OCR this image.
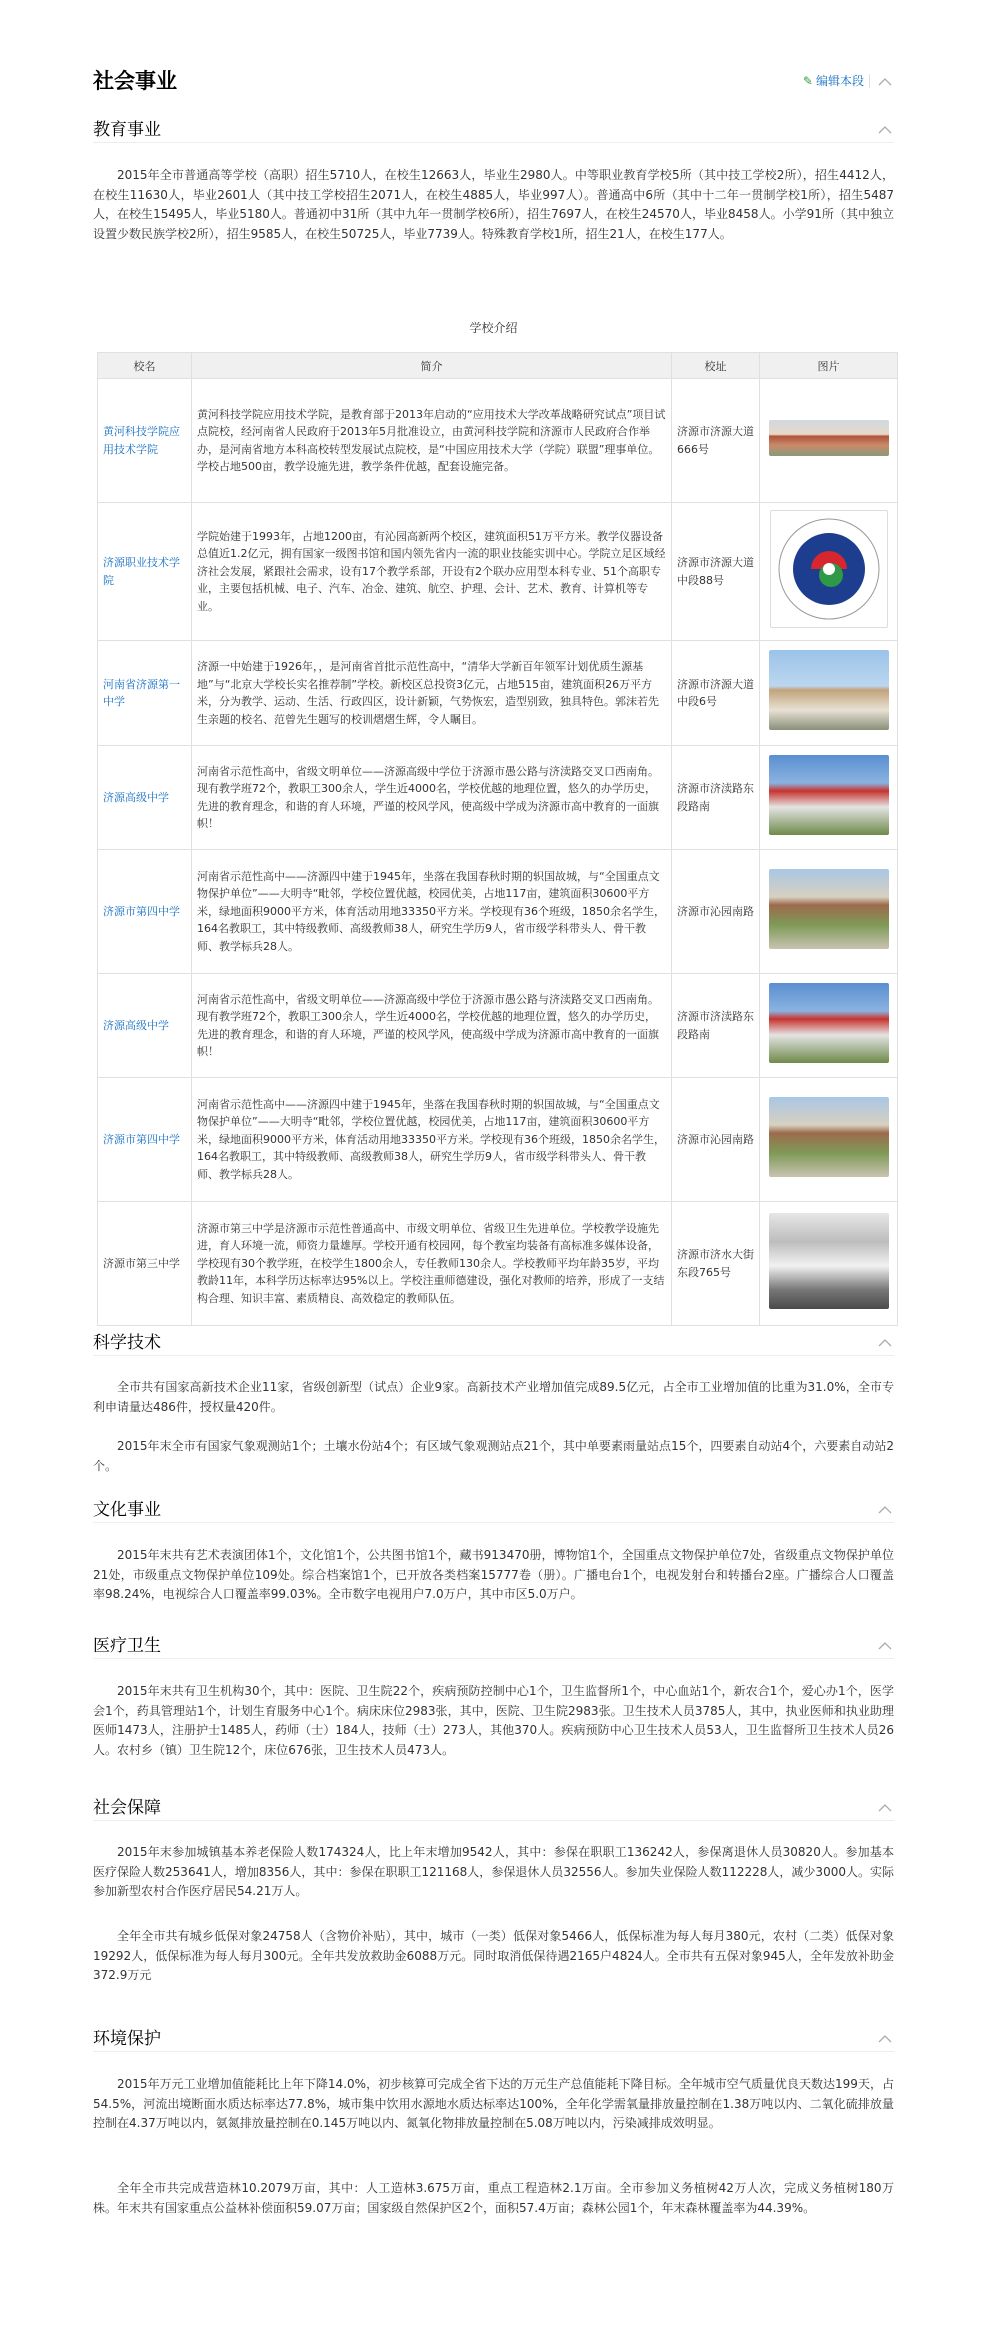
社会事业	✎ 编辑本段
教育事业
2015年全市普通高等学校（高职）招生5710人，在校生12663人，毕业生2980人。中等职业教育学校5所（其中技工学校2所），招生4412人，在校生11630人，毕业2601人（其中技工学校招生2071人，在校生4885人，毕业997人）。普通高中6所（其中十二年一贯制学校1所），招生5487人，在校生15495人，毕业5180人。普通初中31所（其中九年一贯制学校6所），招生7697人，在校生24570人，毕业8458人。小学91所（其中独立设置少数民族学校2所），招生9585人，在校生50725人，毕业7739人。特殊教育学校1所，招生21人，在校生177人。
学校介绍
校名	简介	校址	图片
黄河科技学院应用技术学院	黄河科技学院应用技术学院，是教育部于2013年启动的“应用技术大学改革战略研究试点”项目试点院校，经河南省人民政府于2013年5月批准设立，由黄河科技学院和济源市人民政府合作举办，是河南省地方本科高校转型发展试点院校，是“中国应用技术大学（学院）联盟”理事单位。学校占地500亩，教学设施先进，教学条件优越，配套设施完备。	济源市济源大道666号	
济源职业技术学院	学院始建于1993年，占地1200亩，有沁园高新两个校区，建筑面积51万平方米。教学仪器设备总值近1.2亿元，拥有国家一级图书馆和国内领先省内一流的职业技能实训中心。学院立足区域经济社会发展，紧跟社会需求，设有17个教学系部，开设有2个联办应用型本科专业、51个高职专业，主要包括机械、电子、汽车、冶金、建筑、航空、护理、会计、艺术、教育、计算机等专业。	济源市济源大道中段88号	

河南省济源第一中学	济源一中始建于1926年，，是河南省首批示范性高中，“清华大学新百年领军计划优质生源基地”与“北京大学校长实名推荐制”学校。新校区总投资3亿元，占地515亩，建筑面积26万平方米，分为教学、运动、生活、行政四区，设计新颖，气势恢宏，造型别致，独具特色。郭沫若先生亲题的校名、范曾先生题写的校训熠熠生辉，令人瞩目。	济源市济源大道中段6号	
济源高级中学	河南省示范性高中，省级文明单位——济源高级中学位于济源市愚公路与济渎路交叉口西南角。现有教学班72个，教职工300余人，学生近4000名，学校优越的地理位置，悠久的办学历史，先进的教育理念，和谐的育人环境，严谨的校风学风，使高级中学成为济源市高中教育的一面旗帜！	济源市济渎路东段路南	
济源市第四中学	河南省示范性高中——济源四中建于1945年，坐落在我国春秋时期的轵国故城，与“全国重点文物保护单位”——大明寺“毗邻，学校位置优越，校园优美，占地117亩，建筑面积30600平方米，绿地面积9000平方米，体育活动用地33350平方米。学校现有36个班级，1850余名学生，164名教职工，其中特级教师、高级教师38人，研究生学历9人，省市级学科带头人、骨干教师、教学标兵28人。	济源市沁园南路	
济源高级中学	河南省示范性高中，省级文明单位——济源高级中学位于济源市愚公路与济渎路交叉口西南角。现有教学班72个，教职工300余人，学生近4000名，学校优越的地理位置，悠久的办学历史，先进的教育理念，和谐的育人环境，严谨的校风学风，使高级中学成为济源市高中教育的一面旗帜！	济源市济渎路东段路南	
济源市第四中学	河南省示范性高中——济源四中建于1945年，坐落在我国春秋时期的轵国故城，与“全国重点文物保护单位”——大明寺“毗邻，学校位置优越，校园优美，占地117亩，建筑面积30600平方米，绿地面积9000平方米，体育活动用地33350平方米。学校现有36个班级，1850余名学生，164名教职工，其中特级教师、高级教师38人，研究生学历9人，省市级学科带头人、骨干教师、教学标兵28人。	济源市沁园南路	
济源市第三中学	济源市第三中学是济源市示范性普通高中、市级文明单位、省级卫生先进单位。学校教学设施先进，育人环境一流，师资力量雄厚。学校开通有校园网，每个教室均装备有高标准多媒体设备，学校现有30个教学班，在校学生1800余人，专任教师130余人。学校教师平均年龄35岁，平均教龄11年，本科学历达标率达95%以上。学校注重师德建设，强化对教师的培养，形成了一支结构合理、知识丰富、素质精良、高效稳定的教师队伍。	济源市济水大街东段765号	
科学技术
全市共有国家高新技术企业11家，省级创新型（试点）企业9家。高新技术产业增加值完成89.5亿元，占全市工业增加值的比重为31.0%，全市专利申请量达486件，授权量420件。
2015年末全市有国家气象观测站1个；土壤水份站4个；有区域气象观测站点21个，其中单要素雨量站点15个，四要素自动站4个，六要素自动站2个。
文化事业
2015年末共有艺术表演团体1个，文化馆1个，公共图书馆1个，藏书913470册，博物馆1个，全国重点文物保护单位7处，省级重点文物保护单位21处，市级重点文物保护单位109处。综合档案馆1个，已开放各类档案15777卷（册）。广播电台1个，电视发射台和转播台2座。广播综合人口覆盖率98.24%，电视综合人口覆盖率99.03%。全市数字电视用户7.0万户，其中市区5.0万户。
医疗卫生
2015年末共有卫生机构30个，其中：医院、卫生院22个，疾病预防控制中心1个，卫生监督所1个，中心血站1个，新农合1个，爱心办1个，医学会1个，药具管理站1个，计划生育服务中心1个。病床床位2983张，其中，医院、卫生院2983张。卫生技术人员3785人，其中，执业医师和执业助理医师1473人，注册护士1485人，药师（士）184人，技师（士）273人，其他370人。疾病预防中心卫生技术人员53人，卫生监督所卫生技术人员26人。农村乡（镇）卫生院12个，床位676张，卫生技术人员473人。
社会保障
2015年末参加城镇基本养老保险人数174324人，比上年末增加9542人，其中：参保在职职工136242人，参保离退休人员30820人。参加基本医疗保险人数253641人，增加8356人，其中：参保在职职工121168人，参保退休人员32556人。参加失业保险人数112228人，减少3000人。实际参加新型农村合作医疗居民54.21万人。
全年全市共有城乡低保对象24758人（含物价补贴），其中，城市（一类）低保对象5466人，低保标准为每人每月380元，农村（二类）低保对象19292人，低保标准为每人每月300元。全年共发放救助金6088万元。同时取消低保待遇2165户4824人。全市共有五保对象945人，全年发放补助金372.9万元
环境保护
2015年万元工业增加值能耗比上年下降14.0%，初步核算可完成全省下达的万元生产总值能耗下降目标。全年城市空气质量优良天数达199天，占54.5%，河流出境断面水质达标率达77.8%，城市集中饮用水源地水质达标率达100%，全年化学需氧量排放量控制在1.38万吨以内、二氧化硫排放量控制在4.37万吨以内，氨氮排放量控制在0.145万吨以内、氮氧化物排放量控制在5.08万吨以内，污染减排成效明显。
全年全市共完成营造林10.2079万亩，其中：人工造林3.675万亩，重点工程造林2.1万亩。全市参加义务植树42万人次，完成义务植树180万株。年末共有国家重点公益林补偿面积59.07万亩；国家级自然保护区2个，面积57.4万亩；森林公园1个，年末森林覆盖率为44.39%。
